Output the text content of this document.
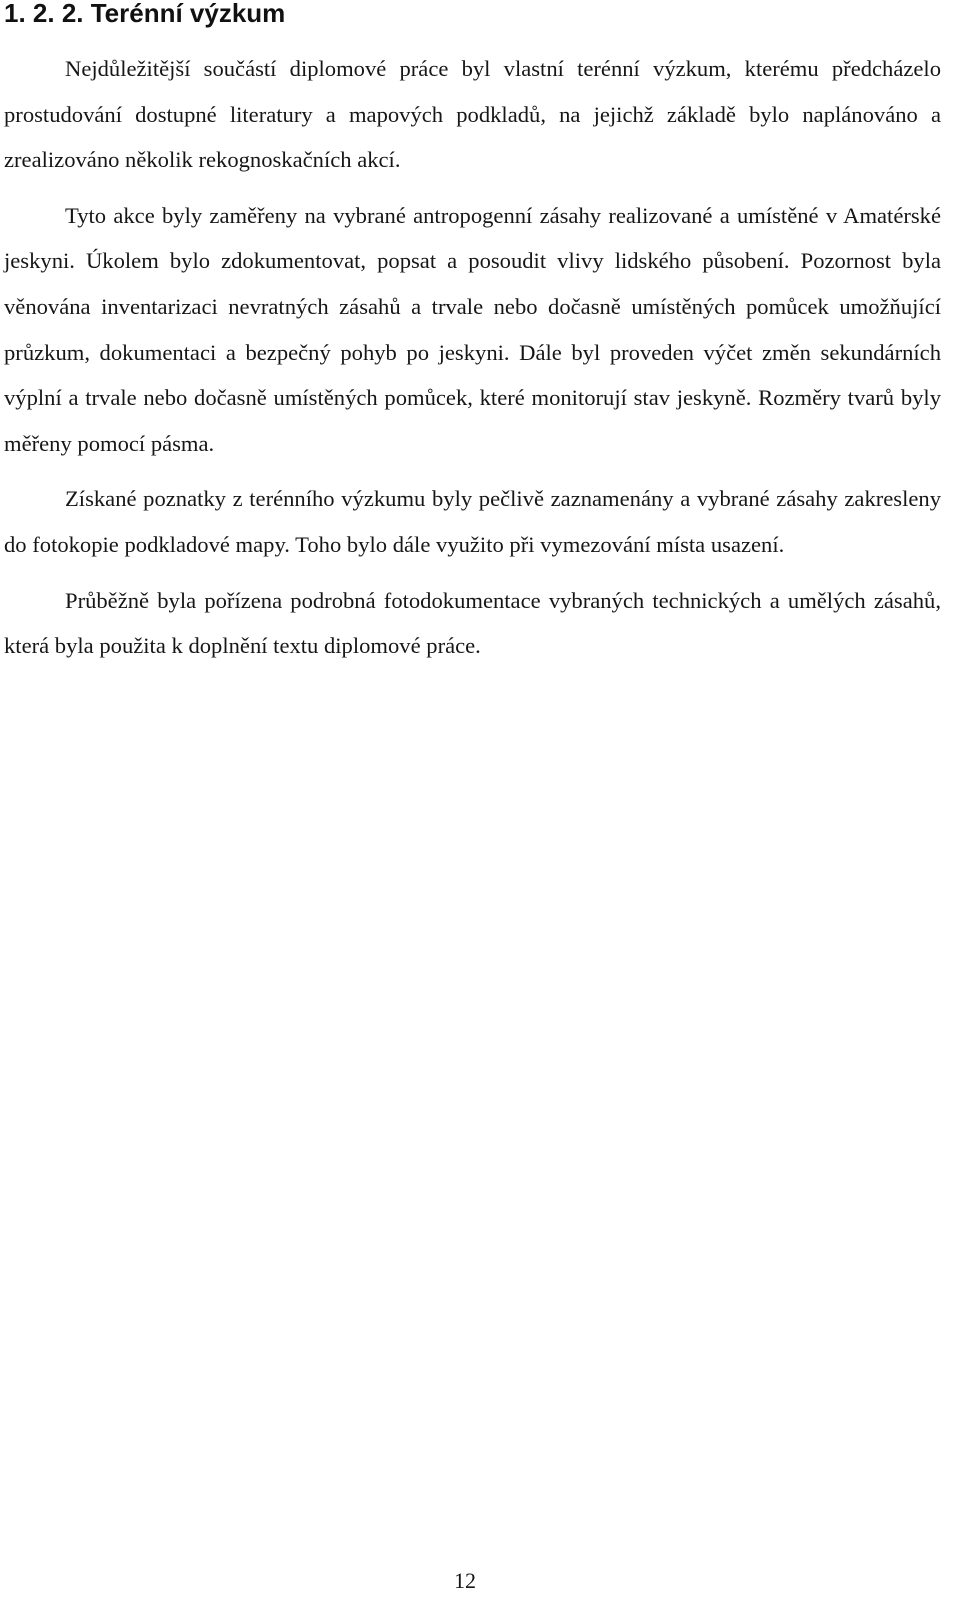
1. 2. 2. Terénní výzkum

Nejdůležitější součástí diplomové práce byl vlastní terénní výzkum, kterému předcházelo prostudování dostupné literatury a mapových podkladů, na jejichž základě bylo naplánováno a zrealizováno několik rekognoskačních akcí.

Tyto akce byly zaměřeny na vybrané antropogenní zásahy realizované a umístěné v Amatérské jeskyni. Úkolem bylo zdokumentovat, popsat a posoudit vlivy lidského působení. Pozornost byla věnována inventarizaci nevratných zásahů a trvale nebo dočasně umístěných pomůcek umožňující průzkum, dokumentaci a bezpečný pohyb po jeskyni. Dále byl proveden výčet změn sekundárních výplní a trvale nebo dočasně umístěných pomůcek, které monitorují stav jeskyně. Rozměry tvarů byly měřeny pomocí pásma.

Získané poznatky z terénního výzkumu byly pečlivě zaznamenány a vybrané zásahy zakresleny do fotokopie podkladové mapy. Toho bylo dále využito při vymezování místa usazení.

Průběžně byla pořízena podrobná fotodokumentace vybraných technických a umělých zásahů, která byla použita k doplnění textu diplomové práce.

12
